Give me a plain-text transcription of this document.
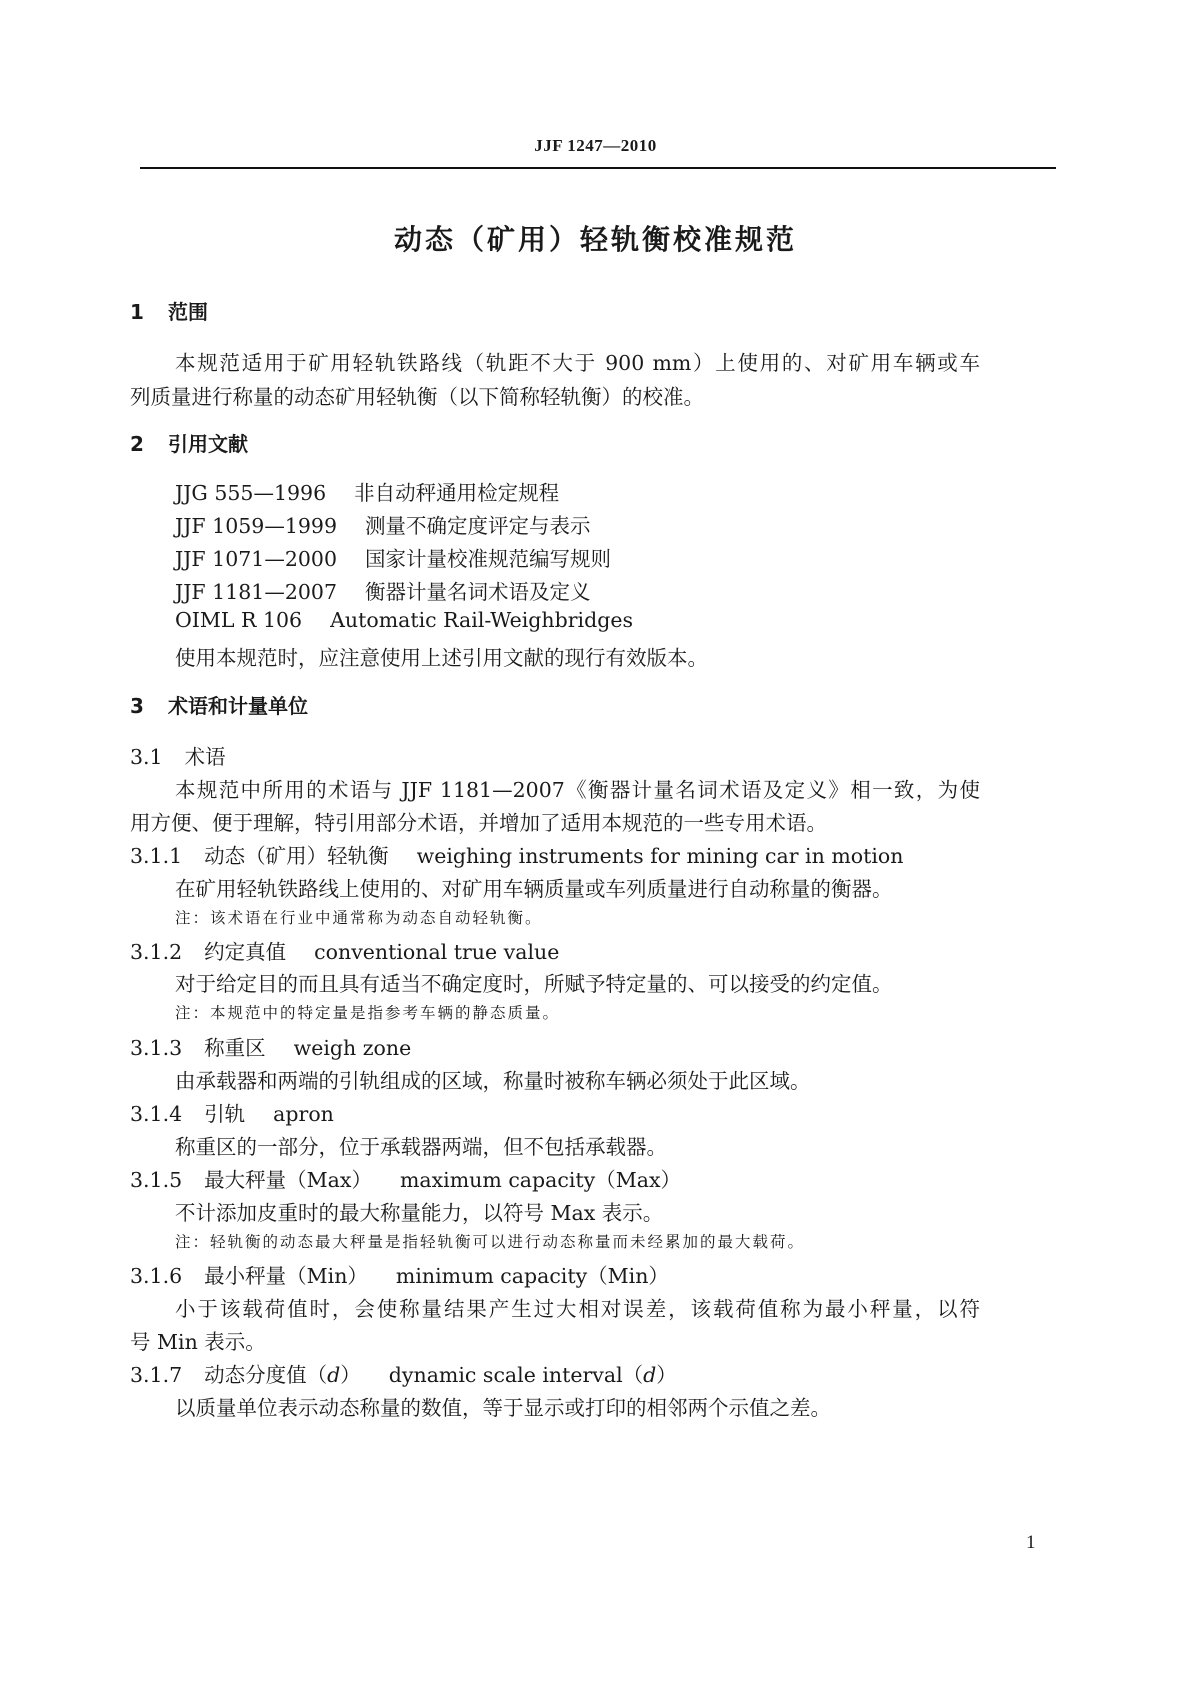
JJF 1247—2010
动态（矿用）轻轨衡校准规范
1 范围
本规范适用于矿用轻轨铁路线（轨距不大于 900 mm）上使用的、对矿用车辆或车
列质量进行称量的动态矿用轻轨衡（以下简称轻轨衡）的校准。
2 引用文献
JJG 555—1996 非自动秤通用检定规程
JJF 1059—1999 测量不确定度评定与表示
JJF 1071—2000 国家计量校准规范编写规则
JJF 1181—2007 衡器计量名词术语及定义
OIML R 106 Automatic Rail-Weighbridges
使用本规范时，应注意使用上述引用文献的现行有效版本。
3 术语和计量单位
3.1 术语
本规范中所用的术语与 JJF 1181—2007《衡器计量名词术语及定义》相一致，为使
用方便、便于理解，特引用部分术语，并增加了适用本规范的一些专用术语。
3.1.1 动态（矿用）轻轨衡 weighing instruments for mining car in motion
在矿用轻轨铁路线上使用的、对矿用车辆质量或车列质量进行自动称量的衡器。
注：该术语在行业中通常称为动态自动轻轨衡。
3.1.2 约定真值 conventional true value
对于给定目的而且具有适当不确定度时，所赋予特定量的、可以接受的约定值。
注：本规范中的特定量是指参考车辆的静态质量。
3.1.3 称重区 weigh zone
由承载器和两端的引轨组成的区域，称量时被称车辆必须处于此区域。
3.1.4 引轨 apron
称重区的一部分，位于承载器两端，但不包括承载器。
3.1.5 最大秤量（Max） maximum capacity（Max）
不计添加皮重时的最大称量能力，以符号 Max 表示。
注：轻轨衡的动态最大秤量是指轻轨衡可以进行动态称量而未经累加的最大载荷。
3.1.6 最小秤量（Min） minimum capacity（Min）
小于该载荷值时，会使称量结果产生过大相对误差，该载荷值称为最小秤量，以符
号 Min 表示。
3.1.7 动态分度值（d） dynamic scale interval（d）
以质量单位表示动态称量的数值，等于显示或打印的相邻两个示值之差。
1
